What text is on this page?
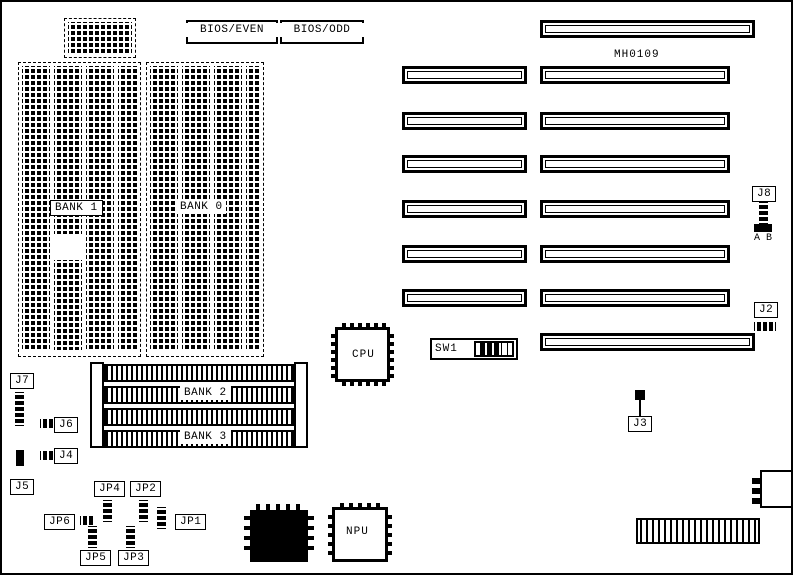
BIOS/EVEN	BIOS/ODD
MH0109
BANK 1	BANK 0
CPU	SW1
J8
A B
J2
J3
BANK 2
BANK 3
J7
J6
J4
J5	JP4	JP2
JP6	JP1
JP5	JP3
NPU
